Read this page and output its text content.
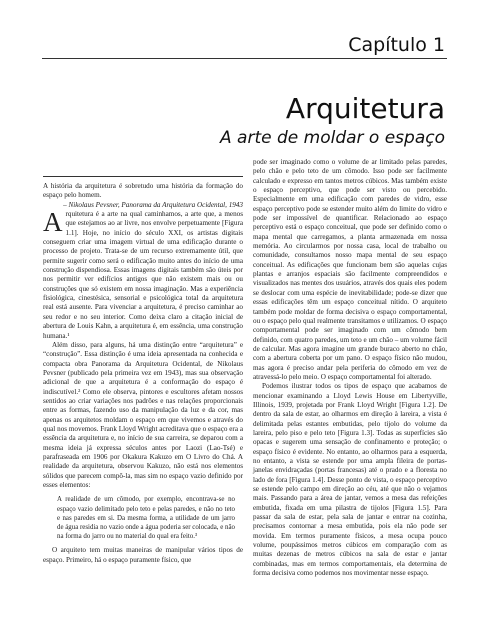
Capítulo 1
Arquitetura
A arte de moldar o espaço

A história da arquitetura é sobretudo uma história da formação do espaço pelo homem.

– Nikolaus Pevsner, Panorama da Arquitetura Ocidental, 1943

Arquitetura é a arte na qual caminhamos, a arte que, a menos que estejamos ao ar livre, nos envolve perpetuamente [Figura 1.1]. Hoje, no início do século XXI, os artistas digitais conseguem criar uma imagem virtual de uma edificação durante o processo de projeto. Trata-se de um recurso extremamente útil, que permite sugerir como será o edificação muito antes do início de uma construção dispendiosa. Essas imagens digitais também são úteis por nos permitir ver edifícios antigos que não existem mais ou ou construções que só existem em nossa imaginação. Mas a experiência fisiológica, cinestésica, sensorial e psicológica total da arquitetura real está ausente. Para vivenciar a arquitetura, é preciso caminhar ao seu redor e no seu interior. Como deixa claro a citação inicial de abertura de Louis Kahn, a arquitetura é, em essência, uma construção humana.¹

Além disso, para alguns, há uma distinção entre “arquitetura” e “construção”. Essa distinção é uma ideia apresentada na conhecida e compacta obra Panorama da Arquitetura Ocidental, de Nikolaus Pevsner (publicado pela primeira vez em 1943), mas sua observação adicional de que a arquitetura é a conformação do espaço é indiscutível.² Como ele observa, pintores e escultores afetam nossos sentidos ao criar variações nos padrões e nas relações proporcionais entre as formas, fazendo uso da manipulação da luz e da cor, mas apenas os arquitetos moldam o espaço em que vivemos e através do qual nos movemos. Frank Lloyd Wright acreditava que o espaço era a essência da arquitetura e, no início de sua carreira, se deparou com a mesma ideia já expressa séculos antes por Laozi (Lao-Tsé) e parafraseada em 1906 por Okakura Kakuzo em O Livro do Chá. A realidade da arquitetura, observou Kakuzo, não está nos elementos sólidos que parecem compô-la, mas sim no espaço vazio definido por esses elementos:

A realidade de um cômodo, por exemplo, encontrava-se no espaço vazio delimitado pelo teto e pelas paredes, e não no teto e nas paredes em si. Da mesma forma, a utilidade de um jarro de água residia no vazio onde a água poderia ser colocada, e não na forma do jarro ou no material do qual era feito.³

O arquiteto tem muitas maneiras de manipular vários tipos de espaço. Primeiro, há o espaço puramente físico, que

pode ser imaginado como o volume de ar limitado pelas paredes, pelo chão e pelo teto de um cômodo. Isso pode ser facilmente calculado e expresso em tantos metros cúbicos. Mas também existe o espaço perceptivo, que pode ser visto ou percebido. Especialmente em uma edificação com paredes de vidro, esse espaço perceptivo pode se estender muito além do limite do vidro e pode ser impossível de quantificar. Relacionado ao espaço perceptivo está o espaço conceitual, que pode ser definido como o mapa mental que carregamos, a planta armazenada em nossa memória. Ao circularmos por nossa casa, local de trabalho ou comunidade, consultamos nosso mapa mental de seu espaço conceitual. As edificações que funcionam bem são aquelas cujas plantas e arranjos espaciais são facilmente compreendidos e visualizados nas mentes dos usuários, através dos quais eles podem se deslocar com uma espécie de inevitabilidade; pode-se dizer que essas edificações têm um espaço conceitual nítido. O arquiteto também pode moldar de forma decisiva o espaço comportamental, ou o espaço pelo qual realmente transitamos e utilizamos. O espaço comportamental pode ser imaginado com um cômodo bem definido, com quatro paredes, um teto e um chão – um volume fácil de calcular. Mas agora imagine um grande buraco aberto no chão, com a abertura coberta por um pano. O espaço físico não mudou, mas agora é preciso andar pela periferia do cômodo em vez de atravessá-lo pelo meio. O espaço comportamental foi alterado.

Podemos ilustrar todos os tipos de espaço que acabamos de mencionar examinando a Lloyd Lewis House em Libertyville, Illinois, 1939, projetada por Frank Lloyd Wright [Figura 1.2]. De dentro da sala de estar, ao olharmos em direção à lareira, a vista é delimitada pelas estantes embutidas, pelo tijolo do volume da lareira, pelo piso e pelo teto [Figura 1.3]. Todas as superfícies são opacas e sugerem uma sensação de confinamento e proteção; o espaço físico é evidente. No entanto, ao olharmos para a esquerda, no entanto, a vista se estende por uma ampla fileira de portas-janelas envidraçadas (portas francesas) até o prado e a floresta no lado de fora [Figura 1.4]. Desse ponto de vista, o espaço perceptivo se estende pelo campo em direção ao céu, até que não o vejamos mais. Passando para a área de jantar, vemos a mesa das refeições embutida, fixada em uma pilastra de tijolos [Figura 1.5]. Para passar da sala de estar, pela sala de jantar e entrar na cozinha, precisamos contornar a mesa embutida, pois ela não pode ser movida. Em termos puramente físicos, a mesa ocupa pouco volume, poupássimos metros cúbicos em comparação com as muitas dezenas de metros cúbicos na sala de estar e jantar combinadas, mas em termos comportamentais, ela determina de forma decisiva como podemos nos movimentar nesse espaço.
